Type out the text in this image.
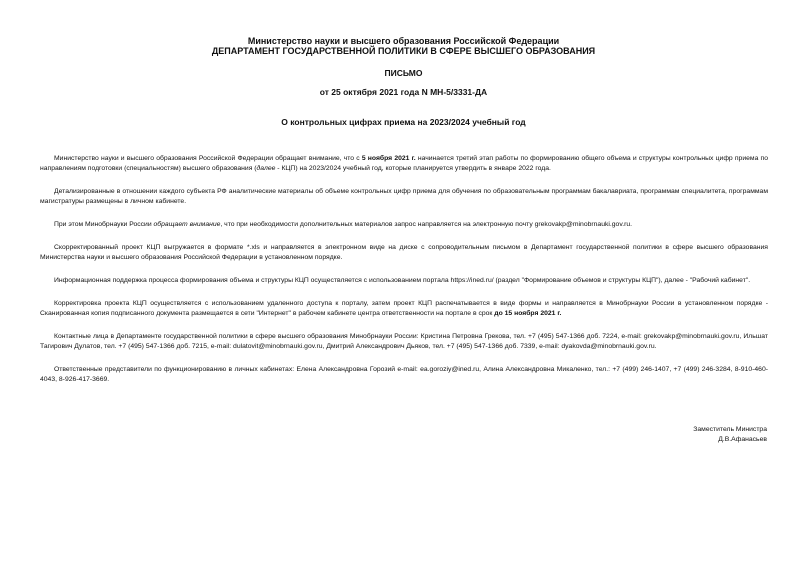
Министерство науки и высшего образования Российской Федерации
ДЕПАРТАМЕНТ ГОСУДАРСТВЕННОЙ ПОЛИТИКИ В СФЕРЕ ВЫСШЕГО ОБРАЗОВАНИЯ
ПИСЬМО
от 25 октября 2021 года N МН-5/3331-ДА
О контрольных цифрах приема на 2023/2024 учебный год

Министерство науки и высшего образования Российской Федерации обращает внимание, что с 5 ноября 2021 г. начинается третий этап работы по формированию общего объема и структуры контрольных цифр приема по направлениям подготовки (специальностям) высшего образования (далее - КЦП) на 2023/2024 учебный год, которые планируется утвердить в январе 2022 года.

Детализированные в отношении каждого субъекта РФ аналитические материалы об объеме контрольных цифр приема для обучения по образовательным программам бакалавриата, программам специалитета, программам магистратуры размещены в личном кабинете.

При этом Минобрнауки России обращает внимание, что при необходимости дополнительных материалов запрос направляется на электронную почту grekovakp@minobrnauki.gov.ru.

Скорректированный проект КЦП выгружается в формате *.xls и направляется в электронном виде на диске с сопроводительным письмом в Департамент государственной политики в сфере высшего образования Министерства науки и высшего образования Российской Федерации в установленном порядке.

Информационная поддержка процесса формирования объема и структуры КЦП осуществляется с использованием портала https://ined.ru/ (раздел "Формирование объемов и структуры КЦП"), далее - "Рабочий кабинет".

Корректировка проекта КЦП осуществляется с использованием удаленного доступа к порталу, затем проект КЦП распечатывается в виде формы и направляется в Минобрнауки России в установленном порядке - Сканированная копия подписанного документа размещается в сети "Интернет" в рабочем кабинете центра ответственности на портале в срок до 15 ноября 2021 г.

Контактные лица в Департаменте государственной политики в сфере высшего образования Минобрнауки России: Кристина Петровна Грекова, тел. +7 (495) 547-1366 доб. 7224, e-mail: grekovakp@minobrnauki.gov.ru, Ильшат Тагирович Дулатов, тел. +7 (495) 547-1366 доб. 7215, e-mail: dulatovit@minobrnauki.gov.ru, Дмитрий Александрович Дьяков, тел. +7 (495) 547-1366 доб. 7339, e-mail: dyakovda@minobrnauki.gov.ru.

Ответственные представители по функционированию в личных кабинетах: Елена Александровна Горозий e-mail: ea.goroziy@ined.ru, Алина Александровна Микаленко, тел.: +7 (499) 246-1407, +7 (499) 246-3284, 8-910-460-4043, 8-926-417-3669.

Заместитель Министра
Д.В.Афанасьев
